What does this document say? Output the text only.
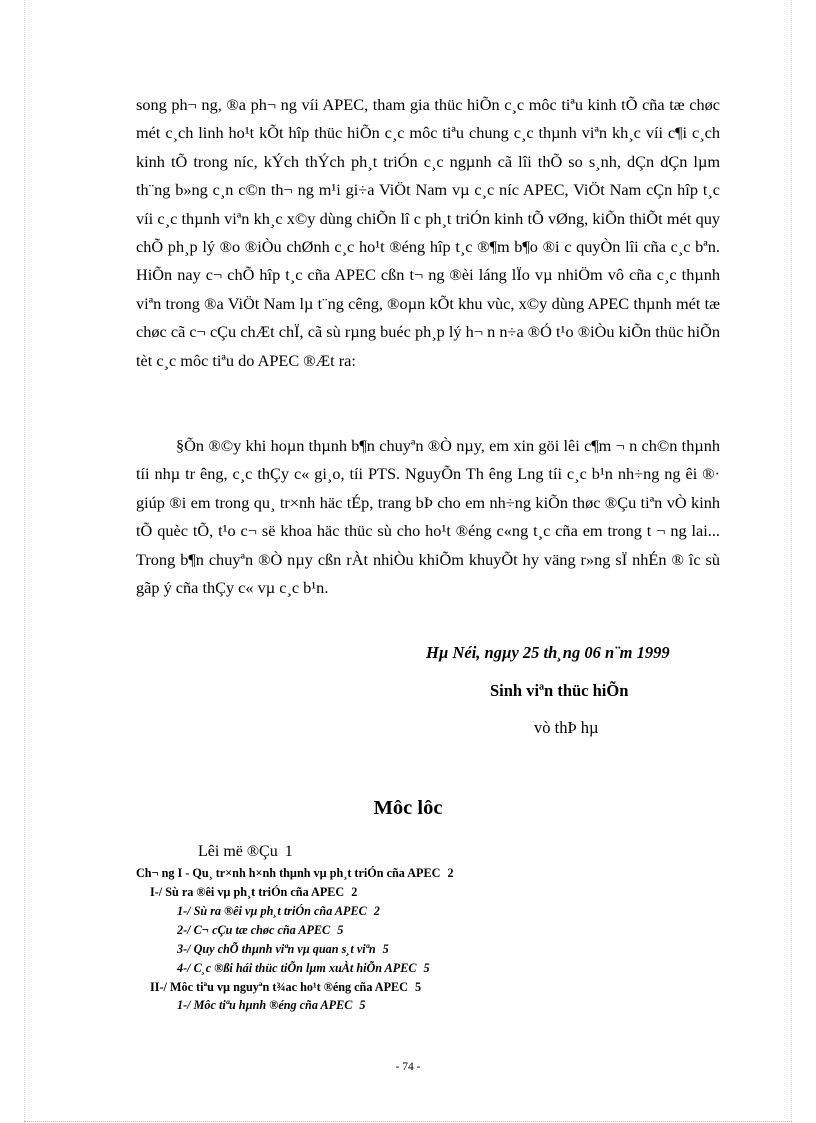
song ph¬ ng, ®a ph¬ ng víi APEC, tham gia thüc hiÕn c¸c môc tiªu kinh tÕ cña tæ chøc mét c¸ch linh ho¹t kÕt hîp thüc hiÕn c¸c môc tiªu chung c¸c thµnh viªn kh¸c víi c¶i c¸ch kinh tÕ trong níc, kÝch thÝch ph¸t triÓn c¸c ngµnh cã lîi thÕ so s¸nh, dÇn dÇn lµm th¨ng b»ng c¸n c©n th¬ ng m¹i gi÷a ViÖt Nam vµ c¸c níc APEC, ViÖt Nam cÇn hîp t¸c víi c¸c thµnh viªn kh¸c x©y dùng chiÕn lî c ph¸t triÓn kinh tÕ vØng, kiÕn thiÕt mét quy chÕ ph¸p lý ®o ®iÒu chØnh c¸c ho¹t ®éng hîp t¸c ®¶m b¶o ®i c quyÒn lîi cña c¸c bªn. HiÕn nay c¬ chÕ hîp t¸c cña APEC cßn t¬ ng ®èi láng lÏo vµ nhiÖm vô cña c¸c thµnh viªn trong ®a ViÖt Nam lµ t¨ng cêng, ®oµn kÕt khu vùc, x©y dùng APEC thµnh mét tæ chøc cã c¬ cÇu chÆt chÏ, cã sù rµng buéc ph¸p lý h¬ n n÷a ®Ó t¹o ®iÒu kiÕn thüc hiÕn tèt c¸c môc tiªu do APEC ®Æt ra:

§Õn ®©y khi hoµn thµnh b¶n chuyªn ®Ò nµy, em xin göi lêi c¶m ¬ n ch©n thµnh tíi nhµ tr êng, c¸c thÇy c« gi¸o, tíi PTS. NguyÕn Th êng Lng tíi c¸c b¹n nh÷ng ng êi ®· giúp ®i em trong qu¸ tr×nh häc tÉp, trang bÞ cho em nh÷ng kiÕn thøc ®Çu tiªn vÒ kinh tÕ quèc tÕ, t¹o c¬ së khoa häc thüc sù cho ho¹t ®éng c«ng t¸c cña em trong t ¬ ng lai... Trong b¶n chuyªn ®Ò nµy cßn rÀt nhiÒu khiÕm khuyÕt hy väng r»ng sÏ nhÉn ® îc sù gãp ý cña thÇy c« vµ c¸c b¹n.

Hµ Néi, ngµy 25 th¸ng 06 n¨m 1999
Sinh viªn thüc hiÕn
vò thÞ hµ
Môc lôc
Lêi më ®Çu 1
Ch¬ ng I - Qu¸ tr×nh h×nh thµnh vµ ph¸t triÓn cña APEC 2
I-/ Sù ra ®êi vµ ph¸t triÓn cña APEC 2
1-/ Sù ra ®êi vµ ph¸t triÓn cña APEC 2
2-/ C¬ cÇu tæ chøc cña APEC 5
3-/ Quy chÕ thµnh viªn vµ quan s¸t viªn 5
4-/ C¸c ®ßi hái thüc tiÕn lµm xuÀt hiÕn APEC 5
II-/ Môc tiªu vµ nguyªn t¾ac ho¹t ®éng cña APEC 5
1-/ Môc tiªu hµnh ®éng cña APEC 5
- 74 -
